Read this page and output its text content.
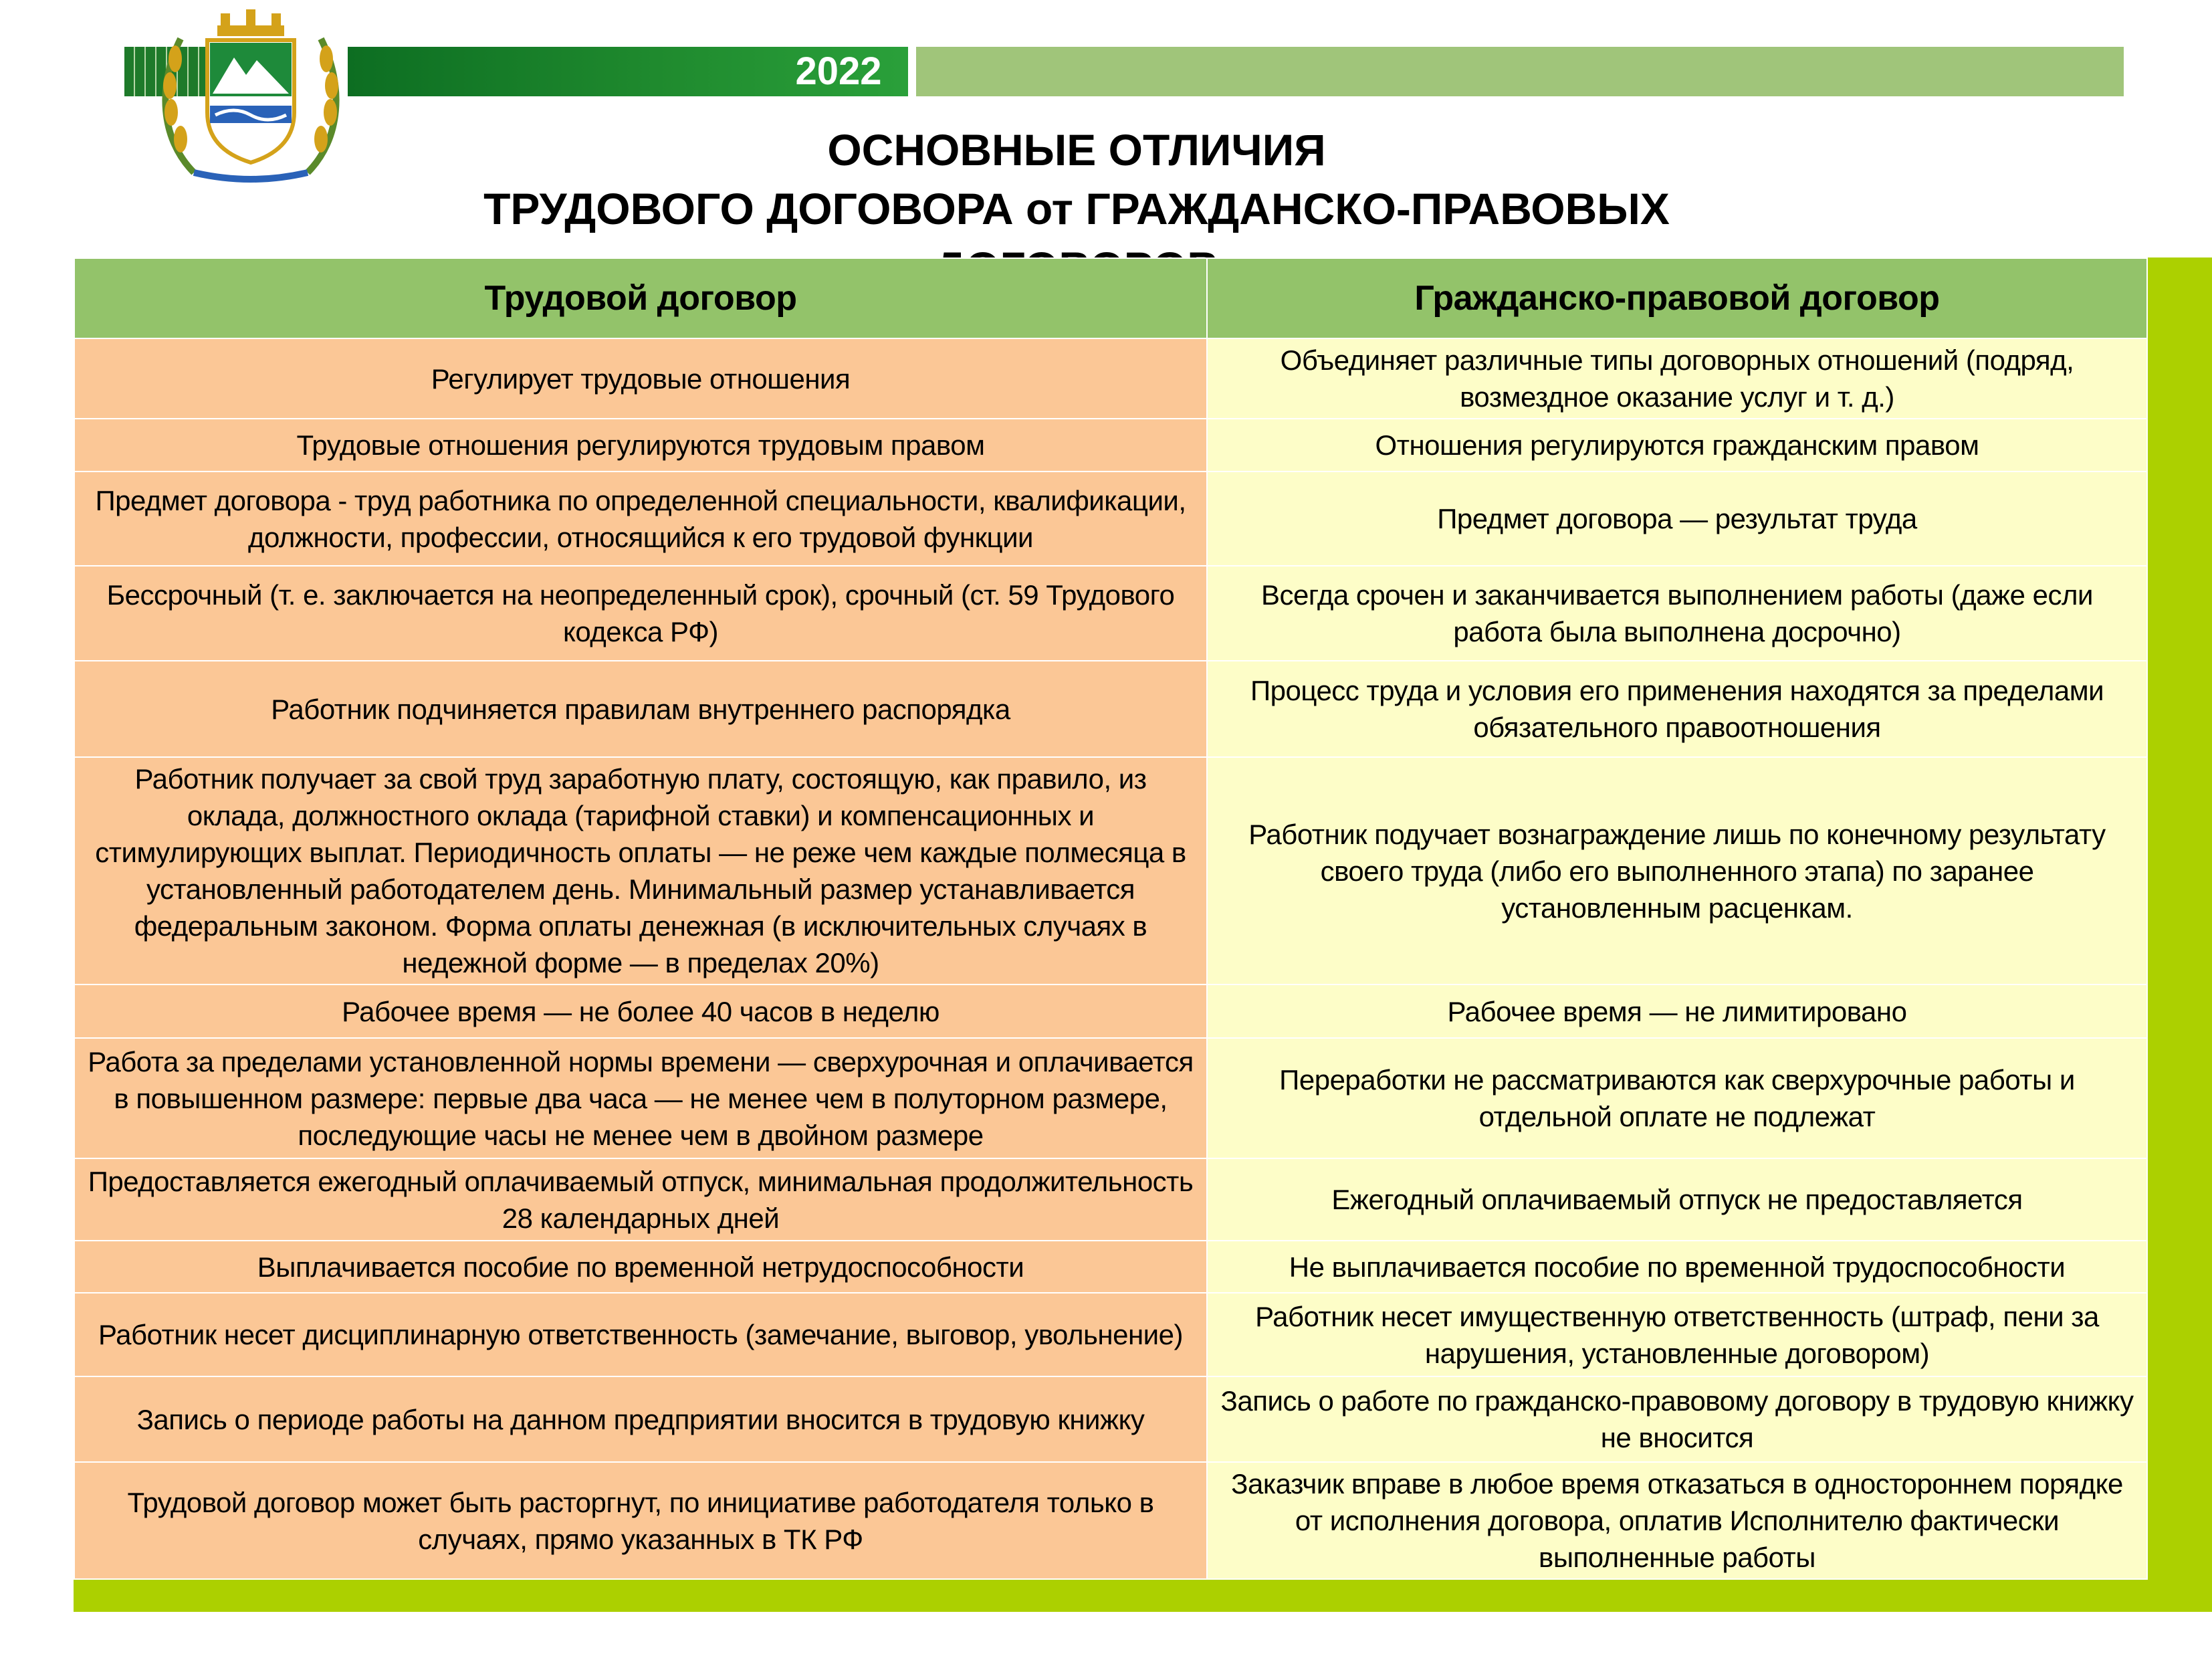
2022
ОСНОВНЫЕ ОТЛИЧИЯ
ТРУДОВОГО ДОГОВОРА от ГРАЖДАНСКО-ПРАВОВЫХ
Трудовой договор	Гражданско-правовой договор
Регулирует трудовые отношения	Объединяет различные типы договорных отношений (подряд, возмездное оказание услуг и т. д.)
Трудовые отношения регулируются трудовым правом	Отношения регулируются гражданским правом
Предмет договора - труд работника по определенной специальности, квалификации, должности, профессии, относящийся к его трудовой функции	Предмет договора — результат труда
Бессрочный (т. е. заключается на неопределенный срок), срочный (ст. 59 Трудового кодекса РФ)	Всегда срочен и заканчивается выполнением работы (даже если работа была выполнена досрочно)
Работник подчиняется правилам внутреннего распорядка	Процесс труда и условия его применения находятся за пределами обязательного правоотношения
Работник получает за свой труд заработную плату, состоящую, как правило, из оклада, должностного оклада (тарифной ставки) и компенсационных и стимулирующих выплат. Периодичность оплаты — не реже чем каждые полмесяца в установленный работодателем день. Минимальный размер устанавливается федеральным законом. Форма оплаты денежная (в исключительных случаях в недежной форме — в пределах 20%)	Работник подучает вознаграждение лишь по конечному результату своего труда (либо его выполненного этапа) по заранее установленным расценкам.
Рабочее время — не более 40 часов в неделю	Рабочее время — не лимитировано
Работа за пределами установленной нормы времени — сверхурочная и оплачивается в повышенном размере: первые два часа — не менее чем в полуторном размере, последующие часы не менее чем в двойном размере	Переработки не рассматриваются как сверхурочные работы и отдельной оплате не подлежат
Предоставляется ежегодный оплачиваемый отпуск, минимальная продолжительность 28 календарных дней	Ежегодный оплачиваемый отпуск не предоставляется
Выплачивается пособие по временной нетрудоспособности	Не выплачивается пособие по временной трудоспособности
Работник несет дисциплинарную ответственность (замечание, выговор, увольнение)	Работник несет имущественную ответственность (штраф, пени за нарушения, установленные договором)
Запись о периоде работы на данном предприятии вносится в трудовую книжку	Запись о работе по гражданско-правовому договору в трудовую книжку не вносится
Трудовой договор может быть расторгнут, по инициативе работодателя только в случаях, прямо указанных в ТК РФ	Заказчик вправе в любое время отказаться в одностороннем порядке от исполнения договора, оплатив Исполнителю фактически выполненные работы
